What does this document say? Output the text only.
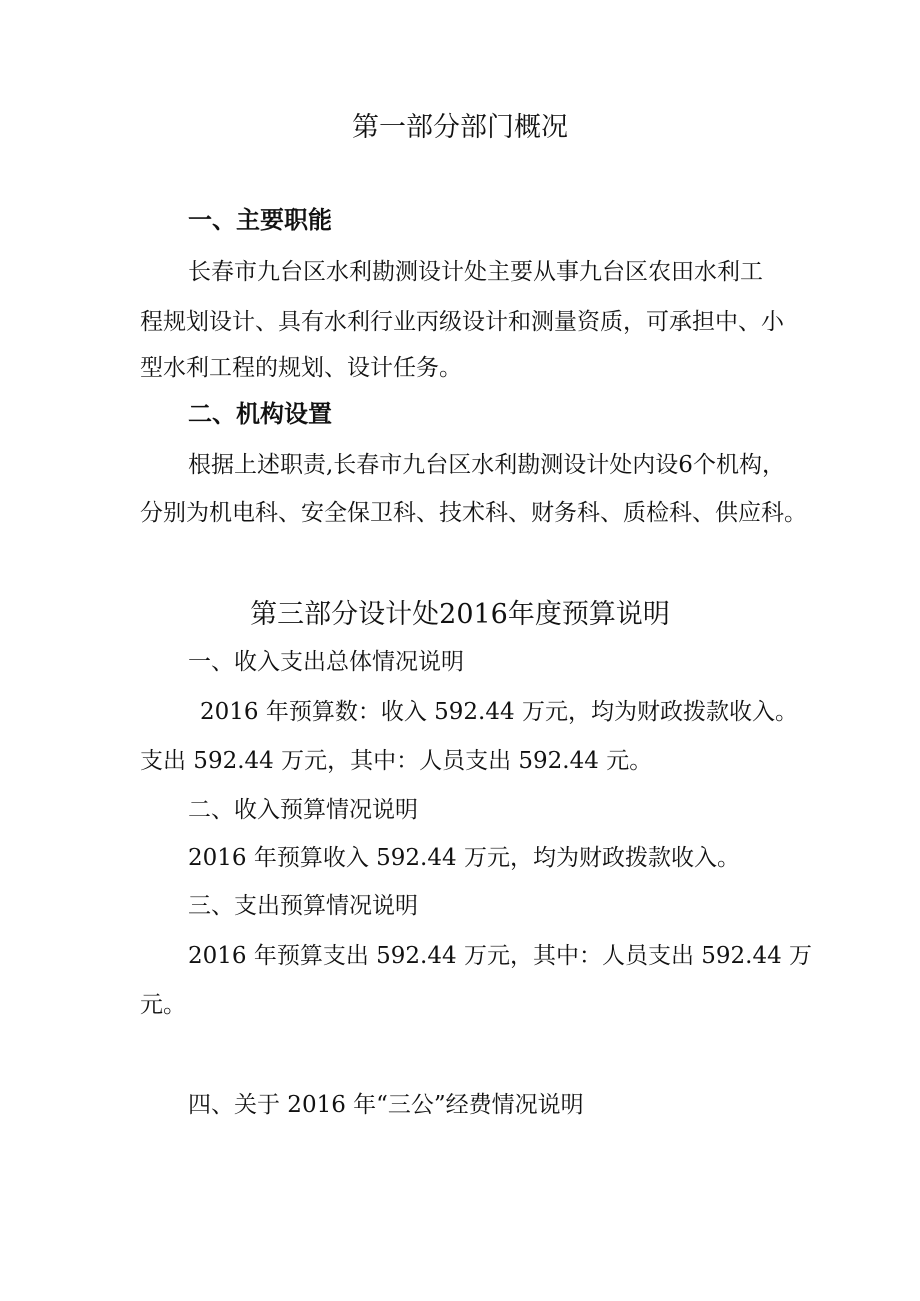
第一部分部门概况
一、主要职能
长春市九台区水利勘测设计处主要从事九台区农田水利工
程规划设计、具有水利行业丙级设计和测量资质，可承担中、小
型水利工程的规划、设计任务。
二、机构设置
根据上述职责,长春市九台区水利勘测设计处内设6个机构，
分别为机电科、安全保卫科、技术科、财务科、质检科、供应科。
第三部分设计处2016年度预算说明
一、收入支出总体情况说明
2016 年预算数：收入 592.44 万元，均为财政拨款收入。
支出 592.44 万元，其中：人员支出 592.44 元。
二、收入预算情况说明
2016 年预算收入 592.44 万元，均为财政拨款收入。
三、支出预算情况说明
2016 年预算支出 592.44 万元，其中：人员支出 592.44 万
元。
四、关于 2016 年“三公”经费情况说明
